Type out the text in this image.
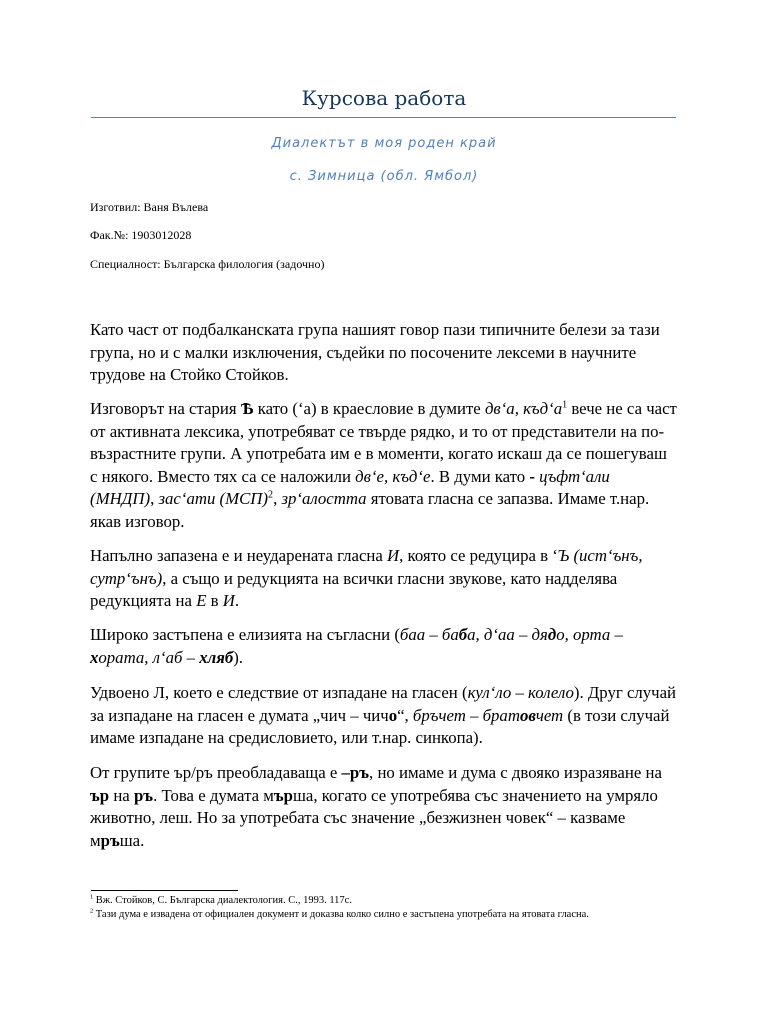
Курсова работа

Диалектът в моя роден край

с. Зимница (обл. Ямбол)

Изготвил: Ваня Вълева

Фак.№: 1903012028

Специалност: Българска филология (задочно)

Като част от подбалканската група нашият говор пази типичните белези за тази група, но и с малки изключения, съдейки по посочените лексеми в научните трудове на Стойко Стойков.

Изговорът на стария Ѣ като (‘а) в краесловие в думите дв‘а, $къд‘а^1$ вече не са част от активната лексика, употребяват се твърде рядко, и то от представители на по-възрастните групи. А употребата им е в моменти, когато искаш да се пошегуваш с някого. Вместо тях са се наложили дв‘е, къд‘е. В думи като - цъфт‘али (МНДП), зас‘ати (МСП)$^2$, зр‘алостта ятовата гласна се запазва. Имаме т.нар. якав изговор.

Напълно запазена е и неударената гласна И, която се редуцира в ‘Ъ (ист‘ънъ, сутр‘ънъ), а също и редукцията на всички гласни звукове, като надделява редукцията на Е в И.

Широко застъпена е елизията на съгласни (баа – баба, д‘аа – дядо, орта – хората, л‘аб – хляб).

Удвоено Л, което е следствие от изпадане на гласен (кул‘ло – колело). Друг случай за изпадане на гласен е думата „чич – чичо“, бръчет – братовчет (в този случай имаме изпадане на средисловието, или т.нар. синкопа).

От групите ър/ръ преобладаваща е –ръ, но имаме и дума с двояко изразяване на ър на ръ. Това е думата мърша, когато се употребява със значението на умряло животно, леш. Но за употребата със значение „безжизнен човек“ – казваме мръша.

$^1$ Вж. Стойков, С. Българска диалектология. С., 1993. 117с.

$^2$ Тази дума е извадена от официален документ и доказва колко силно е застъпена употребата на ятовата гласна.
